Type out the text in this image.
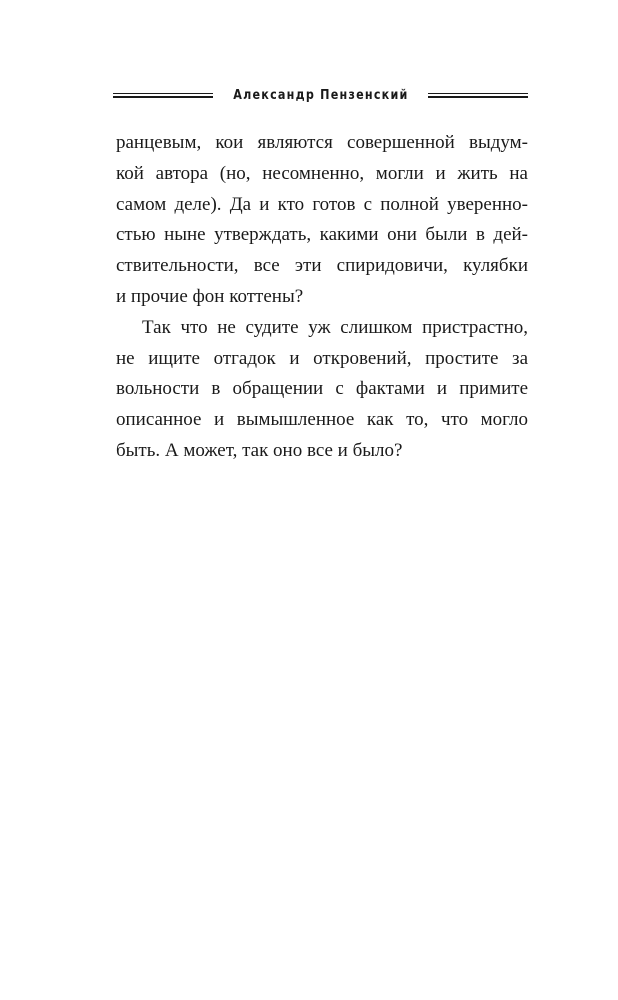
Александр Пензенский
ранцевым, кои являются совершенной выдум-
кой автора (но, несомненно, могли и жить на
самом деле). Да и кто готов с полной уверенно-
стью ныне утверждать, какими они были в дей-
ствительности, все эти спиридовичи, кулябки
и прочие фон коттены?
Так что не судите уж слишком пристрастно,
не ищите отгадок и откровений, простите за
вольности в обращении с фактами и примите
описанное и вымышленное как то, что могло
быть. А может, так оно все и было?
